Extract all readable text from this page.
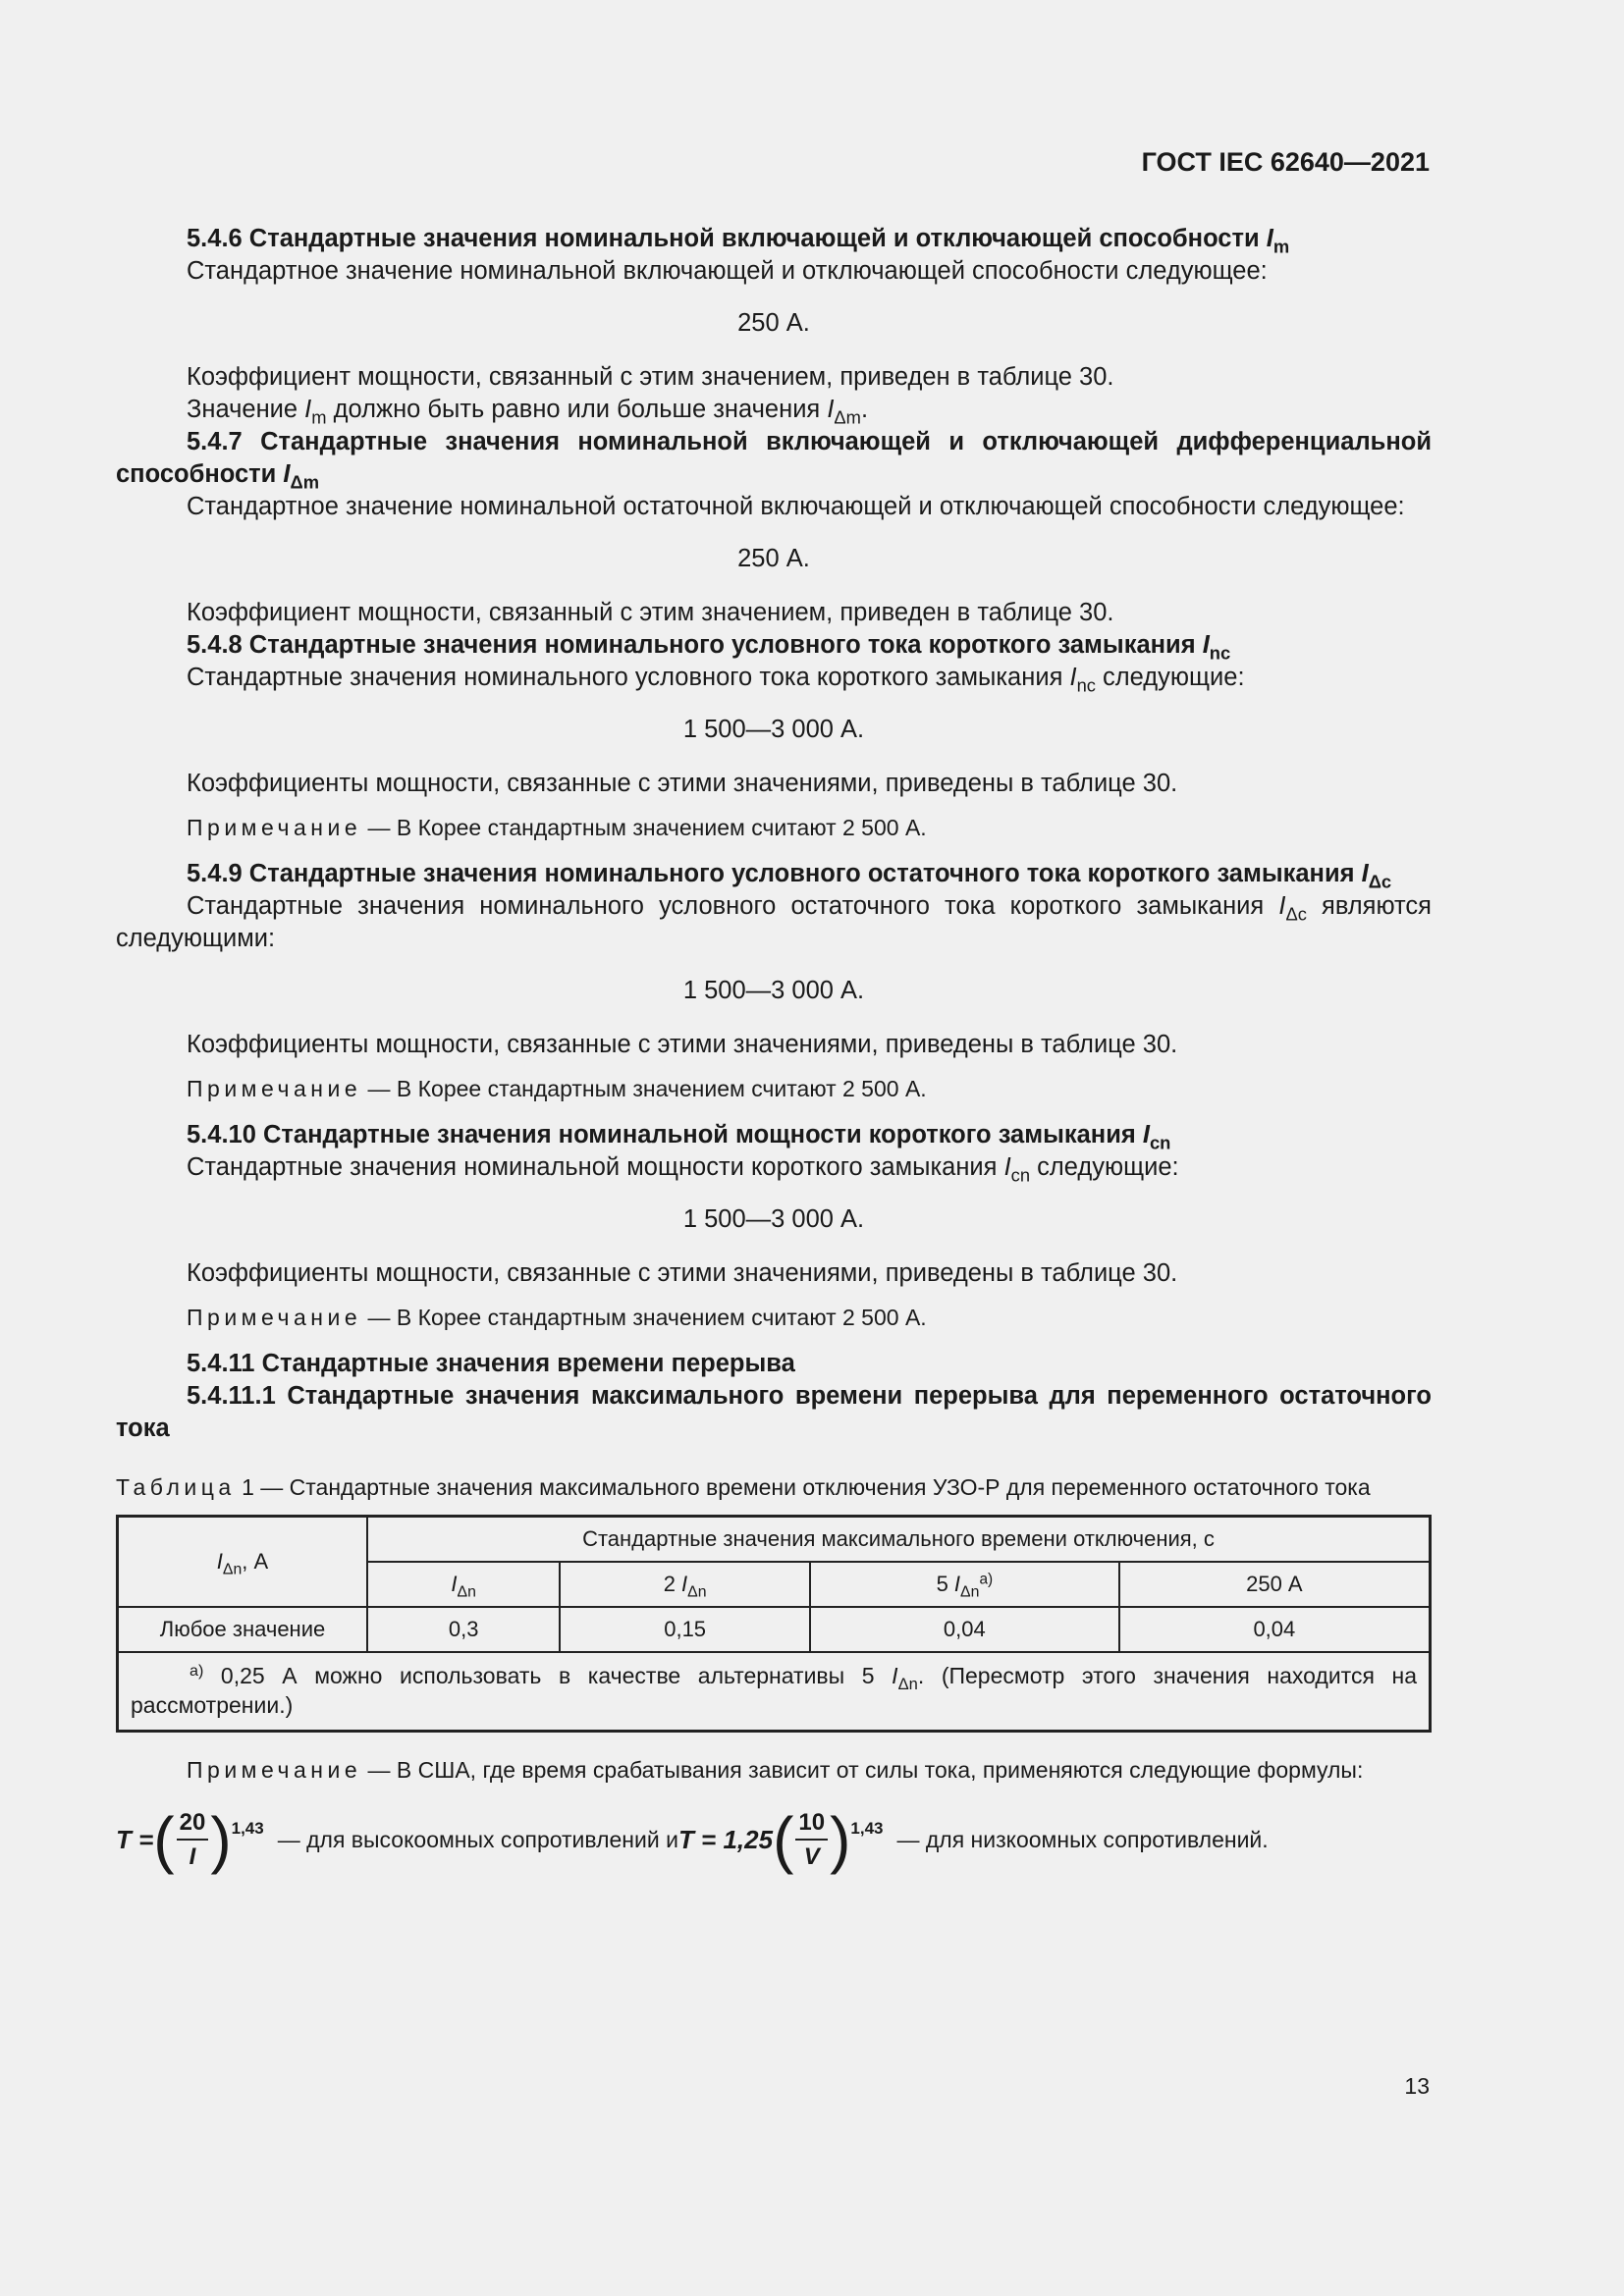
ГОСТ IEC 62640—2021

5.4.6 Стандартные значения номинальной включающей и отключающей способности $I_m$

Стандартное значение номинальной включающей и отключающей способности следующее:

250 А.

Коэффициент мощности, связанный с этим значением, приведен в таблице 30.

Значение $I_m$ должно быть равно или больше значения $I_{\Delta m}$.

5.4.7 Стандартные значения номинальной включающей и отключающей дифференциальной способности $I_{\Delta m}$

Стандартное значение номинальной остаточной включающей и отключающей способности следующее:

250 А.

Коэффициент мощности, связанный с этим значением, приведен в таблице 30.

5.4.8 Стандартные значения номинального условного тока короткого замыкания $I_{nc}$

Стандартные значения номинального условного тока короткого замыкания $I_{nc}$ следующие:

1 500—3 000 А.

Коэффициенты мощности, связанные с этими значениями, приведены в таблице 30.

Примечание — В Корее стандартным значением считают 2 500 А.

5.4.9 Стандартные значения номинального условного остаточного тока короткого замыкания $I_{\Delta c}$

Стандартные значения номинального условного остаточного тока короткого замыкания $I_{\Delta c}$ являются следующими:

1 500—3 000 А.

Коэффициенты мощности, связанные с этими значениями, приведены в таблице 30.

Примечание — В Корее стандартным значением считают 2 500 А.

5.4.10 Стандартные значения номинальной мощности короткого замыкания $I_{cn}$

Стандартные значения номинальной мощности короткого замыкания $I_{cn}$ следующие:

1 500—3 000 А.

Коэффициенты мощности, связанные с этими значениями, приведены в таблице 30.

Примечание — В Корее стандартным значением считают 2 500 А.

5.4.11 Стандартные значения времени перерыва

5.4.11.1 Стандартные значения максимального времени перерыва для переменного остаточного тока

Таблица 1 — Стандартные значения максимального времени отключения УЗО-Р для переменного остаточного тока

$I_{\Delta n}$, А	Стандартные значения максимального времени отключения, с			
	$I_{\Delta n}$	2 $I_{\Delta n}$	5 $I_{\Delta n}^{a)}$	250 А
Любое значение	0,3	0,15	0,04	0,04
$^{a)}$ 0,25 А можно использовать в качестве альтернативы 5 $I_{\Delta n}$. (Пересмотр этого значения находится на рассмотрении.)				

Примечание — В США, где время срабатывания зависит от силы тока, применяются следующие формулы:

T = ( $\frac{20}{I}$ ) 1,43 — для высокоомных сопротивлений и T = 1,25 ( $\frac{10}{V}$ ) 1,43 — для низкоомных сопротивлений.
13
